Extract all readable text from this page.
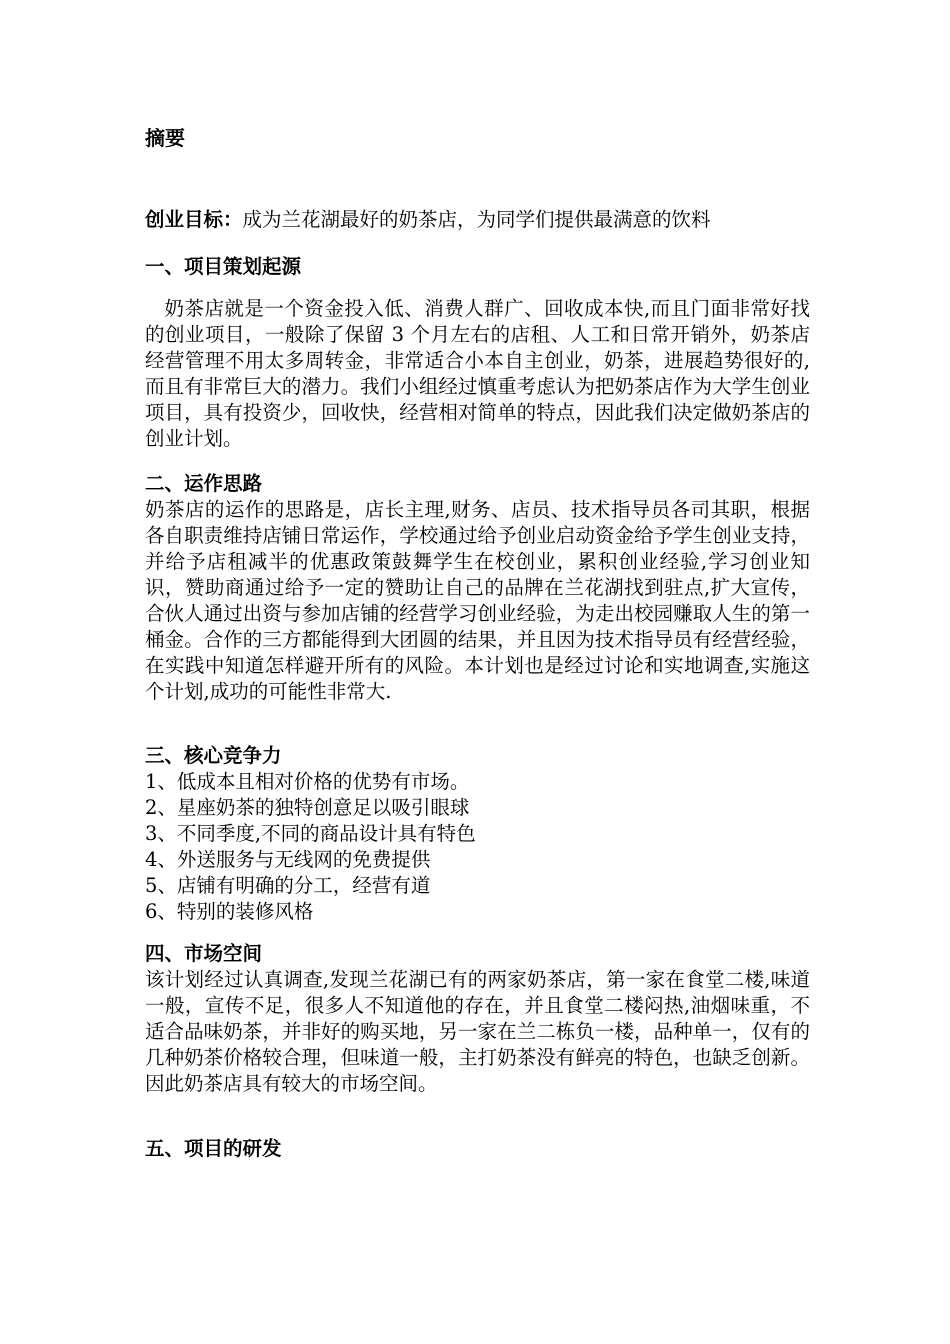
摘要
创业目标：成为兰花湖最好的奶茶店，为同学们提供最满意的饮料

一、项目策划起源

奶茶店就是一个资金投入低、消费人群广、回收成本快,而且门面非常好找的创业项目，一般除了保留 3 个月左右的店租、人工和日常开销外，奶茶店经营管理不用太多周转金，非常适合小本自主创业，奶茶，进展趋势很好的,而且有非常巨大的潜力。我们小组经过慎重考虑认为把奶茶店作为大学生创业项目，具有投资少，回收快，经营相对简单的特点，因此我们决定做奶茶店的创业计划。

二、运作思路

奶茶店的运作的思路是，店长主理,财务、店员、技术指导员各司其职，根据各自职责维持店铺日常运作，学校通过给予创业启动资金给予学生创业支持，并给予店租减半的优惠政策鼓舞学生在校创业，累积创业经验,学习创业知识，赞助商通过给予一定的赞助让自己的品牌在兰花湖找到驻点,扩大宣传，合伙人通过出资与参加店铺的经营学习创业经验，为走出校园赚取人生的第一桶金。合作的三方都能得到大团圆的结果，并且因为技术指导员有经营经验，在实践中知道怎样避开所有的风险。本计划也是经过讨论和实地调查,实施这个计划,成功的可能性非常大.

三、核心竞争力

1、低成本且相对价格的优势有市场。
2、星座奶茶的独特创意足以吸引眼球
3、不同季度,不同的商品设计具有特色
4、外送服务与无线网的免费提供
5、店铺有明确的分工，经营有道
6、特别的装修风格

四、市场空间

该计划经过认真调查,发现兰花湖已有的两家奶茶店，第一家在食堂二楼,味道一般，宣传不足，很多人不知道他的存在，并且食堂二楼闷热,油烟味重，不适合品味奶茶，并非好的购买地，另一家在兰二栋负一楼，品种单一，仅有的几种奶茶价格较合理，但味道一般，主打奶茶没有鲜亮的特色，也缺乏创新。因此奶茶店具有较大的市场空间。

五、项目的研发
